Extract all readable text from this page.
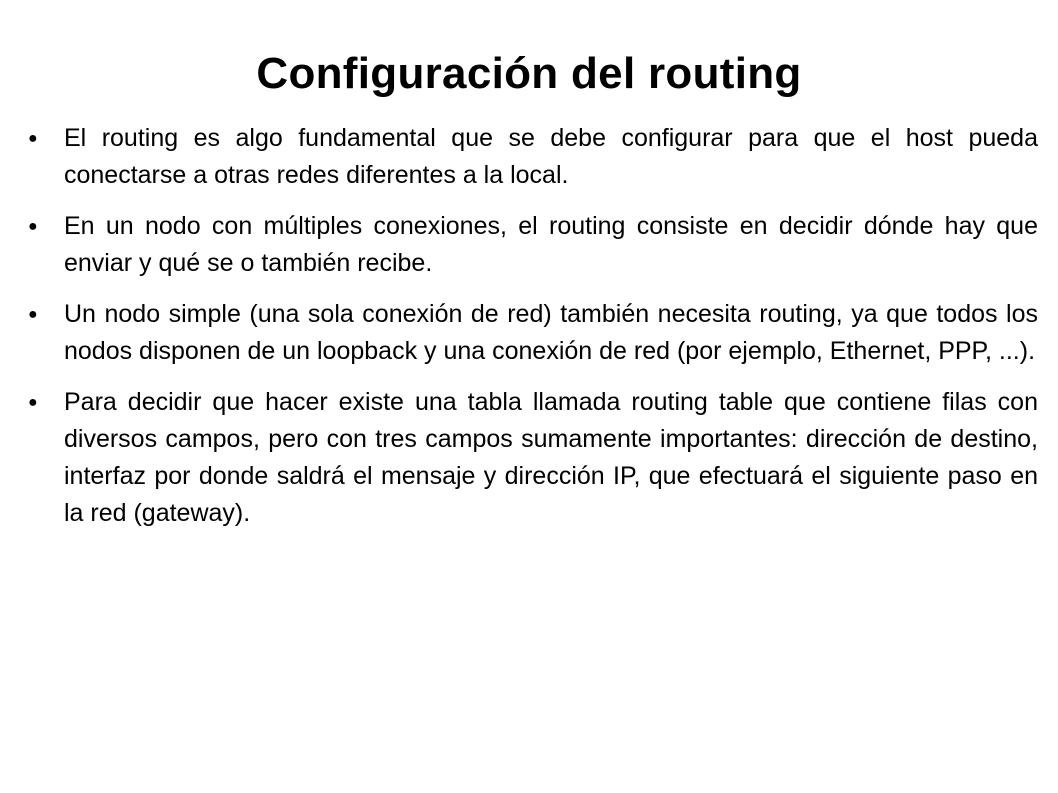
Configuración del routing
● El routing es algo fundamental que se debe configurar para que el host pueda conectarse a otras redes diferentes a la local.
● En un nodo con múltiples conexiones, el routing consiste en decidir dónde hay que enviar y qué se o también recibe.
● Un nodo simple (una sola conexión de red) también necesita routing, ya que todos los nodos disponen de un loopback y una conexión de red (por ejemplo, Ethernet, PPP, ...).
● Para decidir que hacer existe una tabla llamada routing table que contiene filas con diversos campos, pero con tres campos sumamente importantes: dirección de destino, interfaz por donde saldrá el mensaje y dirección IP, que efectuará el siguiente paso en la red (gateway).
